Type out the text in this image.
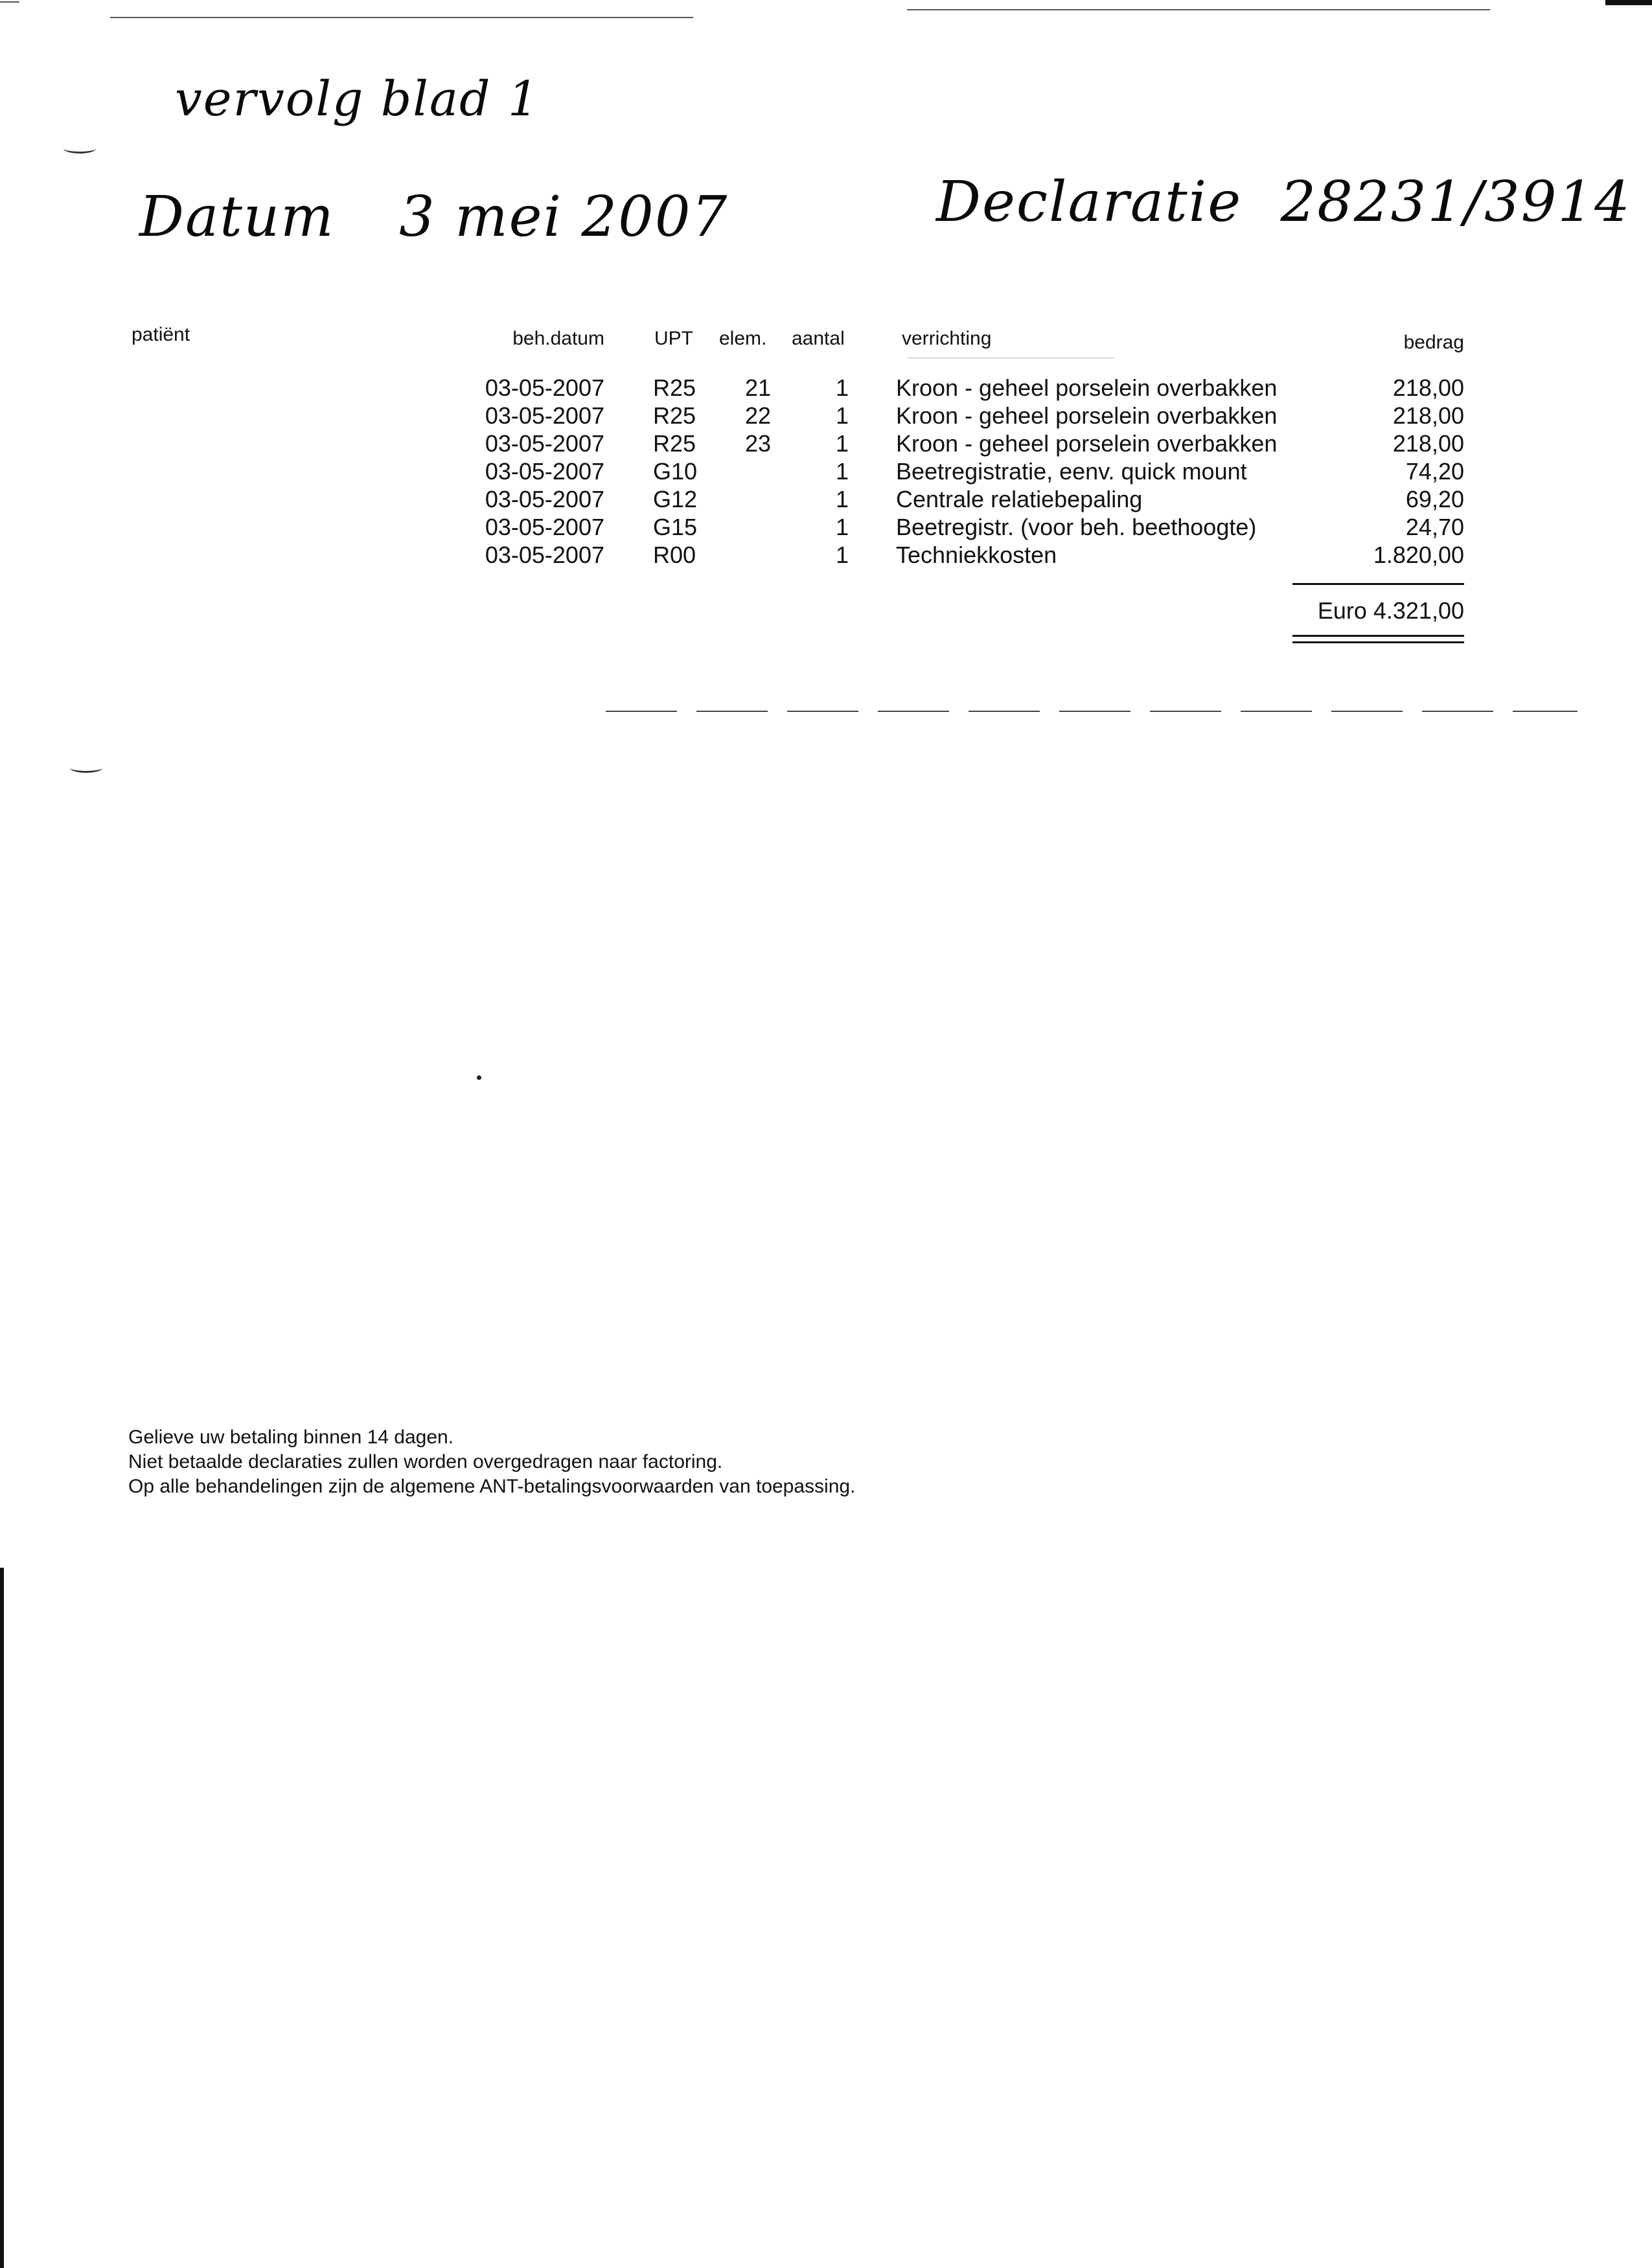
vervolg blad 1
Datum 3 mei 2007	Declaratie 28231/3914
patiënt	beh.datum	UPT elem. aantal	verrichting	bedrag
03-05-2007 R25	21	1 Kroon - geheel porselein overbakken	218,00
03-05-2007 R25	22	1 Kroon - geheel porselein overbakken	218,00
03-05-2007 R25	23	1 Kroon - geheel porselein overbakken	218,00
03-05-2007 G10	1 Beetregistratie, eenv. quick mount	74,20
03-05-2007 G12	1 Centrale relatiebepaling	69,20
03-05-2007 G15	1 Beetregistr. (voor beh. beethoogte)	24,70
03-05-2007 R00	1 Techniekkosten	1.820,00
Euro 4.321,00
Gelieve uw betaling binnen 14 dagen.
Niet betaalde declaraties zullen worden overgedragen naar factoring.
Op alle behandelingen zijn de algemene ANT-betalingsvoorwaarden van toepassing.
